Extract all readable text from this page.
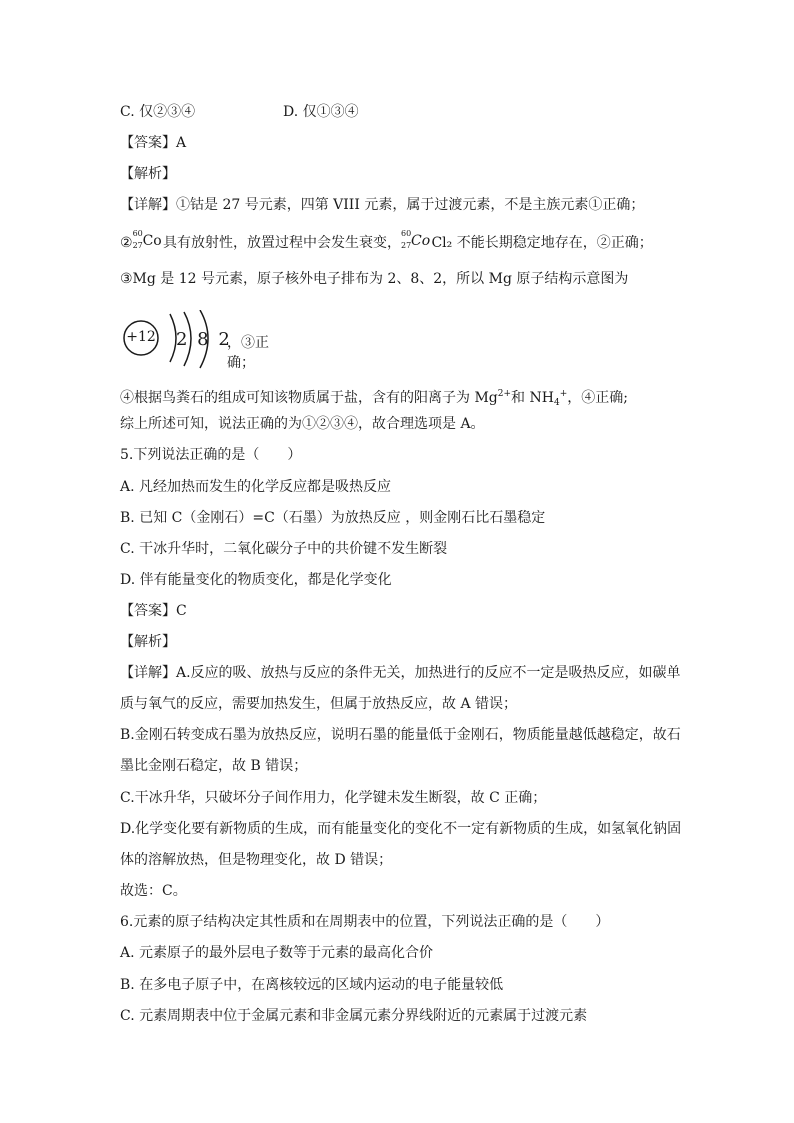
C. 仅②③④	D. 仅①③④
【答案】A
【解析】
【详解】①钴是 27 号元素，四第 VIII 元素，属于过渡元素，不是主族元素①正确；
②
60
27 Co
具有放射性，放置过程中会发生衰变，
60
27 Co
Cl₂ 不能长期稳定地存在，②正确；
③Mg 是 12 号元素，原子核外电子排布为 2、8、2，所以 Mg 原子结构示意图为
+12 2 8 2
，③正确；
④根据鸟粪石的组成可知该物质属于盐，含有的阳离子为 $Mg^{2+}$和 $NH_4^+$，④正确;
综上所述可知，说法正确的为①②③④，故合理选项是 A。
5.下列说法正确的是（　　）
A. 凡经加热而发生的化学反应都是吸热反应
B. 已知 C（金刚石）=C（石墨）为放热反应 ，则金刚石比石墨稳定
C. 干冰升华时，二氧化碳分子中的共价键不发生断裂
D. 伴有能量变化的物质变化，都是化学变化
【答案】C
【解析】
【详解】A.反应的吸、放热与反应的条件无关，加热进行的反应不一定是吸热反应，如碳单
质与氧气的反应，需要加热发生，但属于放热反应，故 A 错误；
B.金刚石转变成石墨为放热反应，说明石墨的能量低于金刚石，物质能量越低越稳定，故石
墨比金刚石稳定，故 B 错误；
C.干冰升华，只破坏分子间作用力，化学键未发生断裂，故 C 正确；
D.化学变化要有新物质的生成，而有能量变化的变化不一定有新物质的生成，如氢氧化钠固
体的溶解放热，但是物理变化，故 D 错误；
故选：C。
6.元素的原子结构决定其性质和在周期表中的位置，下列说法正确的是（　　）
A. 元素原子的最外层电子数等于元素的最高化合价
B. 在多电子原子中，在离核较远的区域内运动的电子能量较低
C. 元素周期表中位于金属元素和非金属元素分界线附近的元素属于过渡元素
